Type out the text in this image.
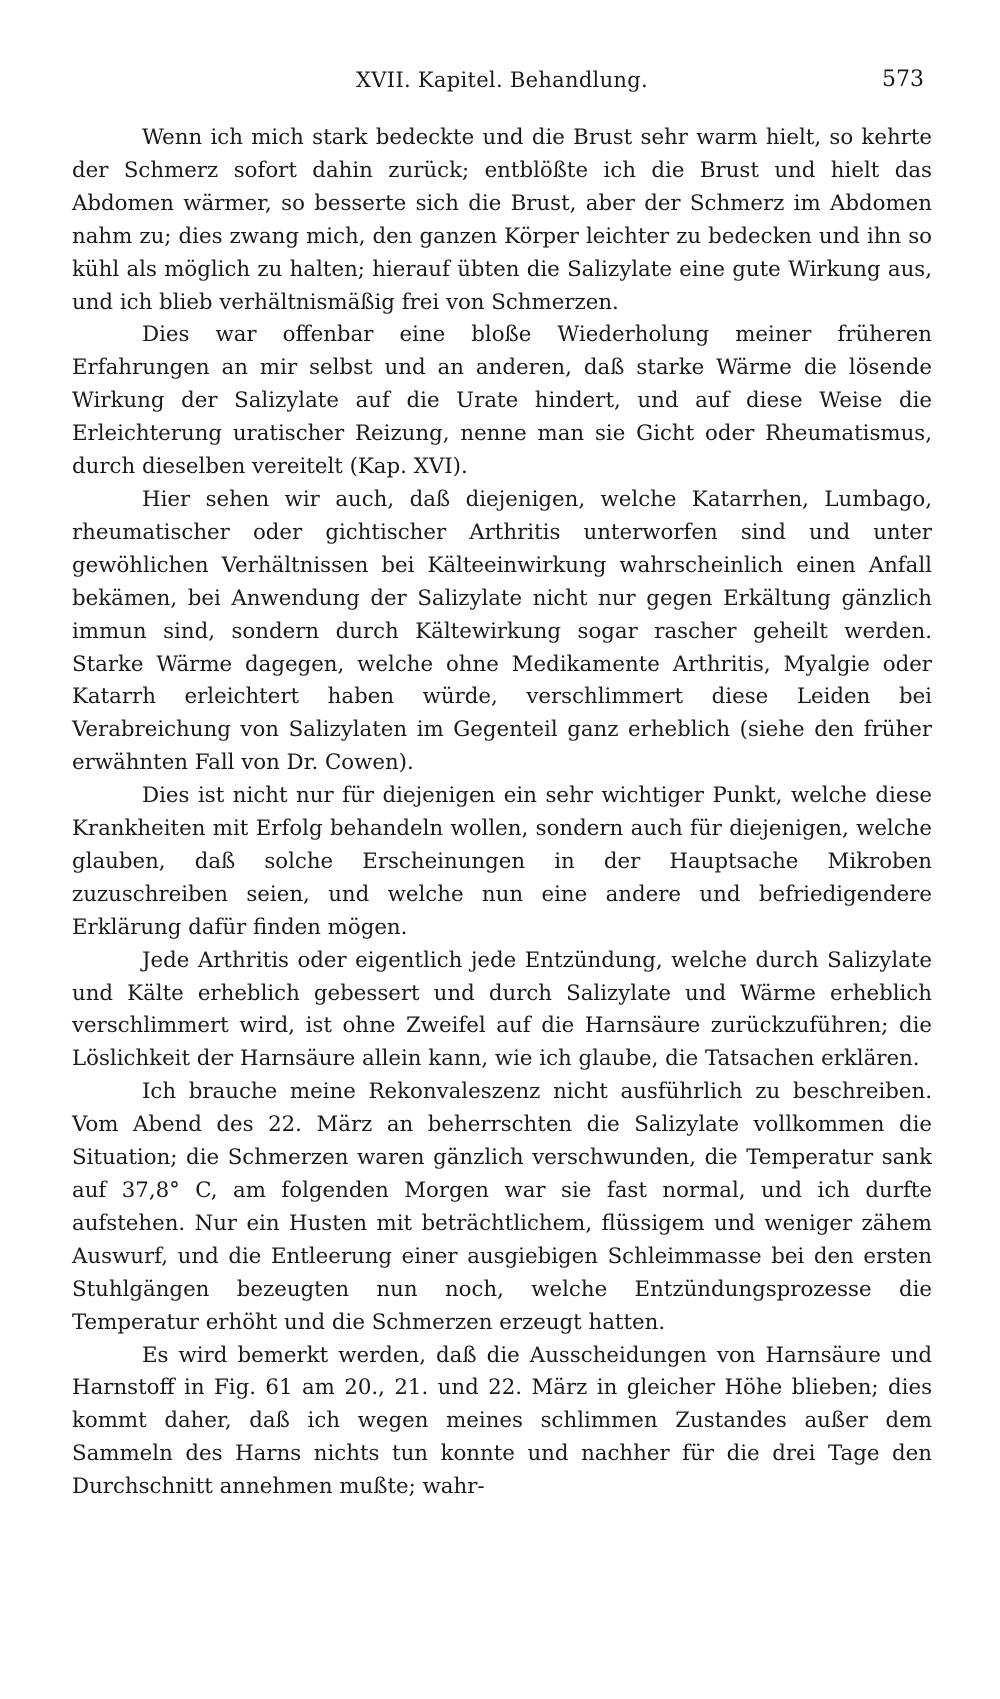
XVII. Kapitel. Behandlung.	573

Wenn ich mich stark bedeckte und die Brust sehr warm hielt, so kehrte der Schmerz sofort dahin zurück; entblößte ich die Brust und hielt das Abdomen wärmer, so besserte sich die Brust, aber der Schmerz im Abdomen nahm zu; dies zwang mich, den ganzen Körper leichter zu bedecken und ihn so kühl als möglich zu halten; hierauf übten die Salizylate eine gute Wirkung aus, und ich blieb verhältnismäßig frei von Schmerzen.

Dies war offenbar eine bloße Wiederholung meiner früheren Erfahrungen an mir selbst und an anderen, daß starke Wärme die lösende Wirkung der Salizylate auf die Urate hindert, und auf diese Weise die Erleichterung uratischer Reizung, nenne man sie Gicht oder Rheumatismus, durch dieselben vereitelt (Kap. XVI).

Hier sehen wir auch, daß diejenigen, welche Katarrhen, Lumbago, rheumatischer oder gichtischer Arthritis unterworfen sind und unter gewöhlichen Verhältnissen bei Kälteeinwirkung wahrscheinlich einen Anfall bekämen, bei Anwendung der Salizylate nicht nur gegen Erkältung gänzlich immun sind, sondern durch Kältewirkung sogar rascher geheilt werden. Starke Wärme dagegen, welche ohne Medikamente Arthritis, Myalgie oder Katarrh erleichtert haben würde, verschlimmert diese Leiden bei Verabreichung von Salizylaten im Gegenteil ganz erheblich (siehe den früher erwähnten Fall von Dr. Cowen).

Dies ist nicht nur für diejenigen ein sehr wichtiger Punkt, welche diese Krankheiten mit Erfolg behandeln wollen, sondern auch für diejenigen, welche glauben, daß solche Erscheinungen in der Hauptsache Mikroben zuzuschreiben seien, und welche nun eine andere und befriedigendere Erklärung dafür finden mögen.

Jede Arthritis oder eigentlich jede Entzündung, welche durch Salizylate und Kälte erheblich gebessert und durch Salizylate und Wärme erheblich verschlimmert wird, ist ohne Zweifel auf die Harnsäure zurückzuführen; die Löslichkeit der Harnsäure allein kann, wie ich glaube, die Tatsachen erklären.

Ich brauche meine Rekonvaleszenz nicht ausführlich zu beschreiben. Vom Abend des 22. März an beherrschten die Salizylate vollkommen die Situation; die Schmerzen waren gänzlich verschwunden, die Temperatur sank auf 37,8° C, am folgenden Morgen war sie fast normal, und ich durfte aufstehen. Nur ein Husten mit beträchtlichem, flüssigem und weniger zähem Auswurf, und die Entleerung einer ausgiebigen Schleimmasse bei den ersten Stuhlgängen bezeugten nun noch, welche Entzündungsprozesse die Temperatur erhöht und die Schmerzen erzeugt hatten.

Es wird bemerkt werden, daß die Ausscheidungen von Harnsäure und Harnstoff in Fig. 61 am 20., 21. und 22. März in gleicher Höhe blieben; dies kommt daher, daß ich wegen meines schlimmen Zustandes außer dem Sammeln des Harns nichts tun konnte und nachher für die drei Tage den Durchschnitt annehmen mußte; wahr-
